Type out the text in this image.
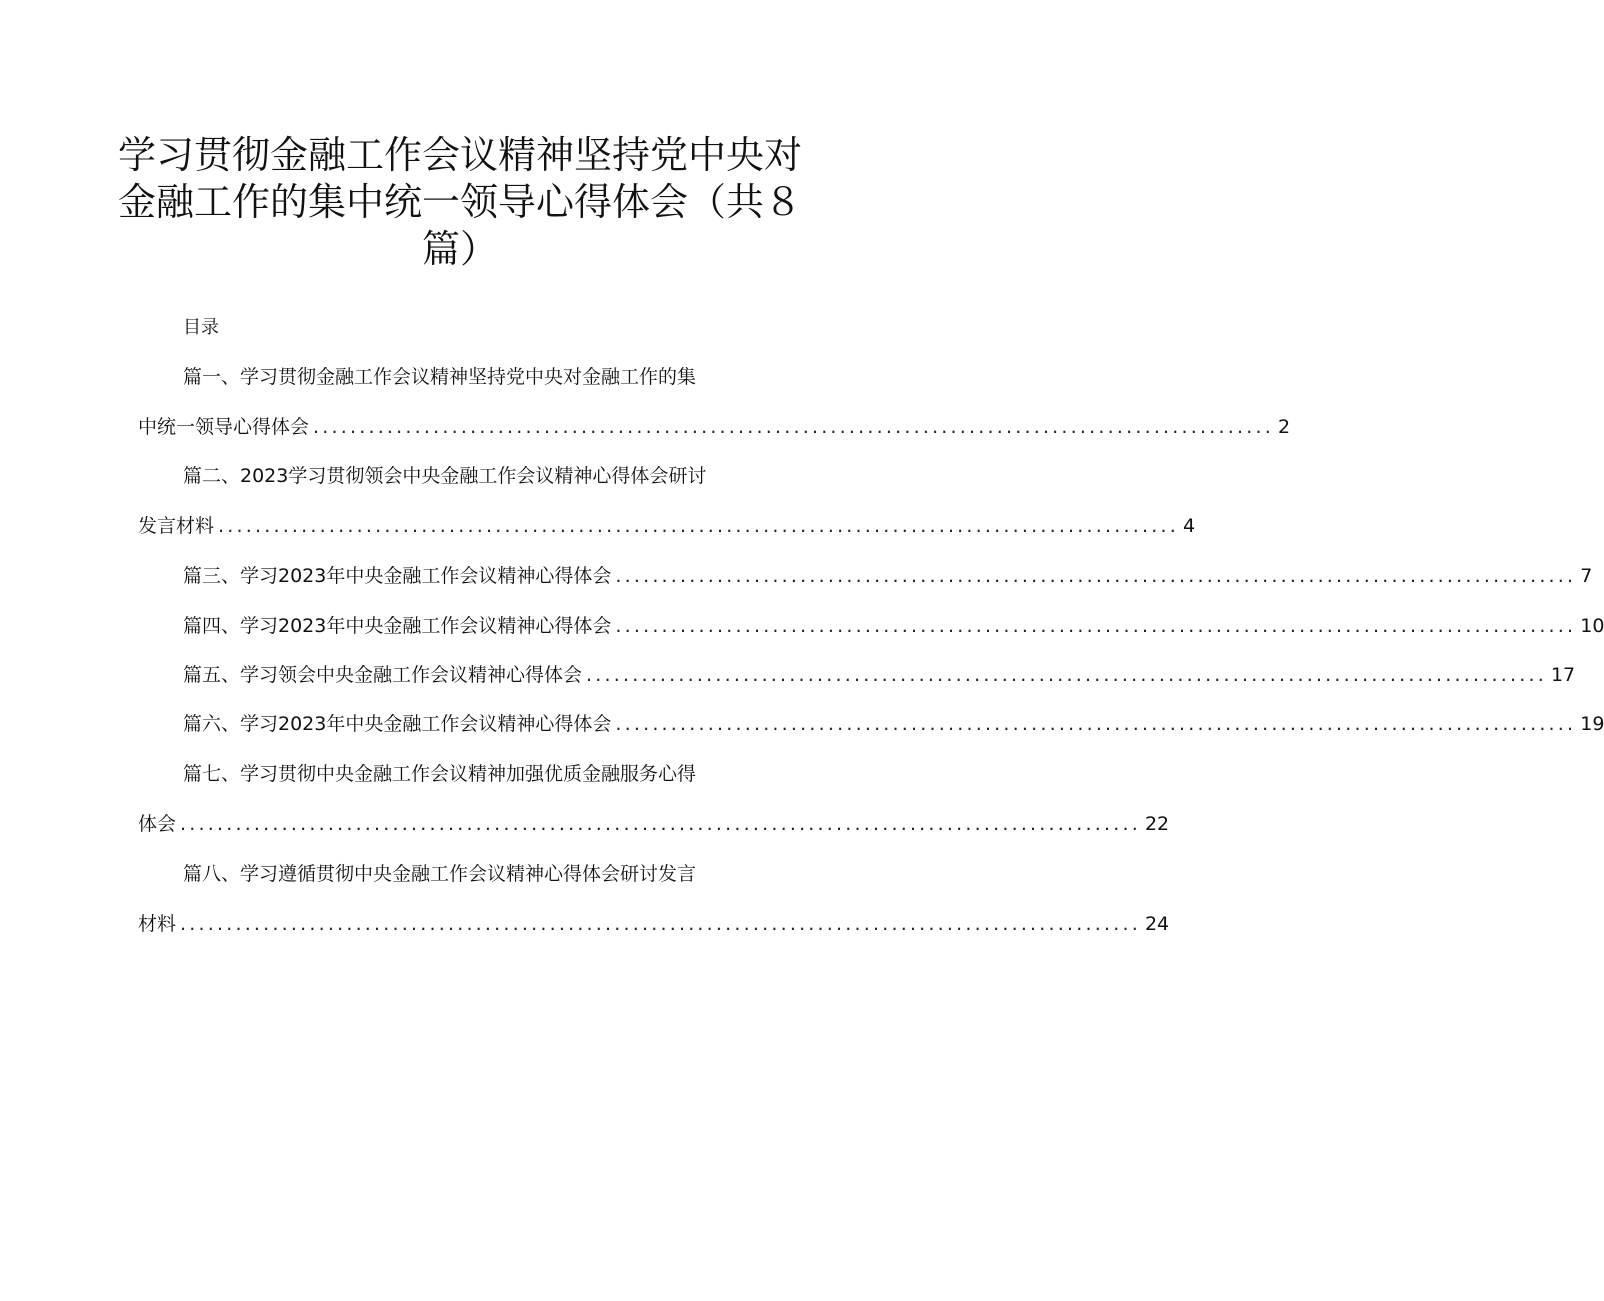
学习贯彻金融工作会议精神坚持党中央对
金融工作的集中统一领导心得体会（共８
篇）
目录
篇一、学习贯彻金融工作会议精神坚持党中央对金融工作的集
中统一领导心得体会 ........................................................................................................ 2
篇二、2023学习贯彻领会中央金融工作会议精神心得体会研讨
发言材料 ........................................................................................................ 4
篇三、学习2023年中央金融工作会议精神心得体会 ........................................................................................................ 7
篇四、学习2023年中央金融工作会议精神心得体会 ........................................................................................................ 10
篇五、学习领会中央金融工作会议精神心得体会 ........................................................................................................ 17
篇六、学习2023年中央金融工作会议精神心得体会 ........................................................................................................ 19
篇七、学习贯彻中央金融工作会议精神加强优质金融服务心得
体会 ........................................................................................................ 22
篇八、学习遵循贯彻中央金融工作会议精神心得体会研讨发言
材料 ........................................................................................................ 24
